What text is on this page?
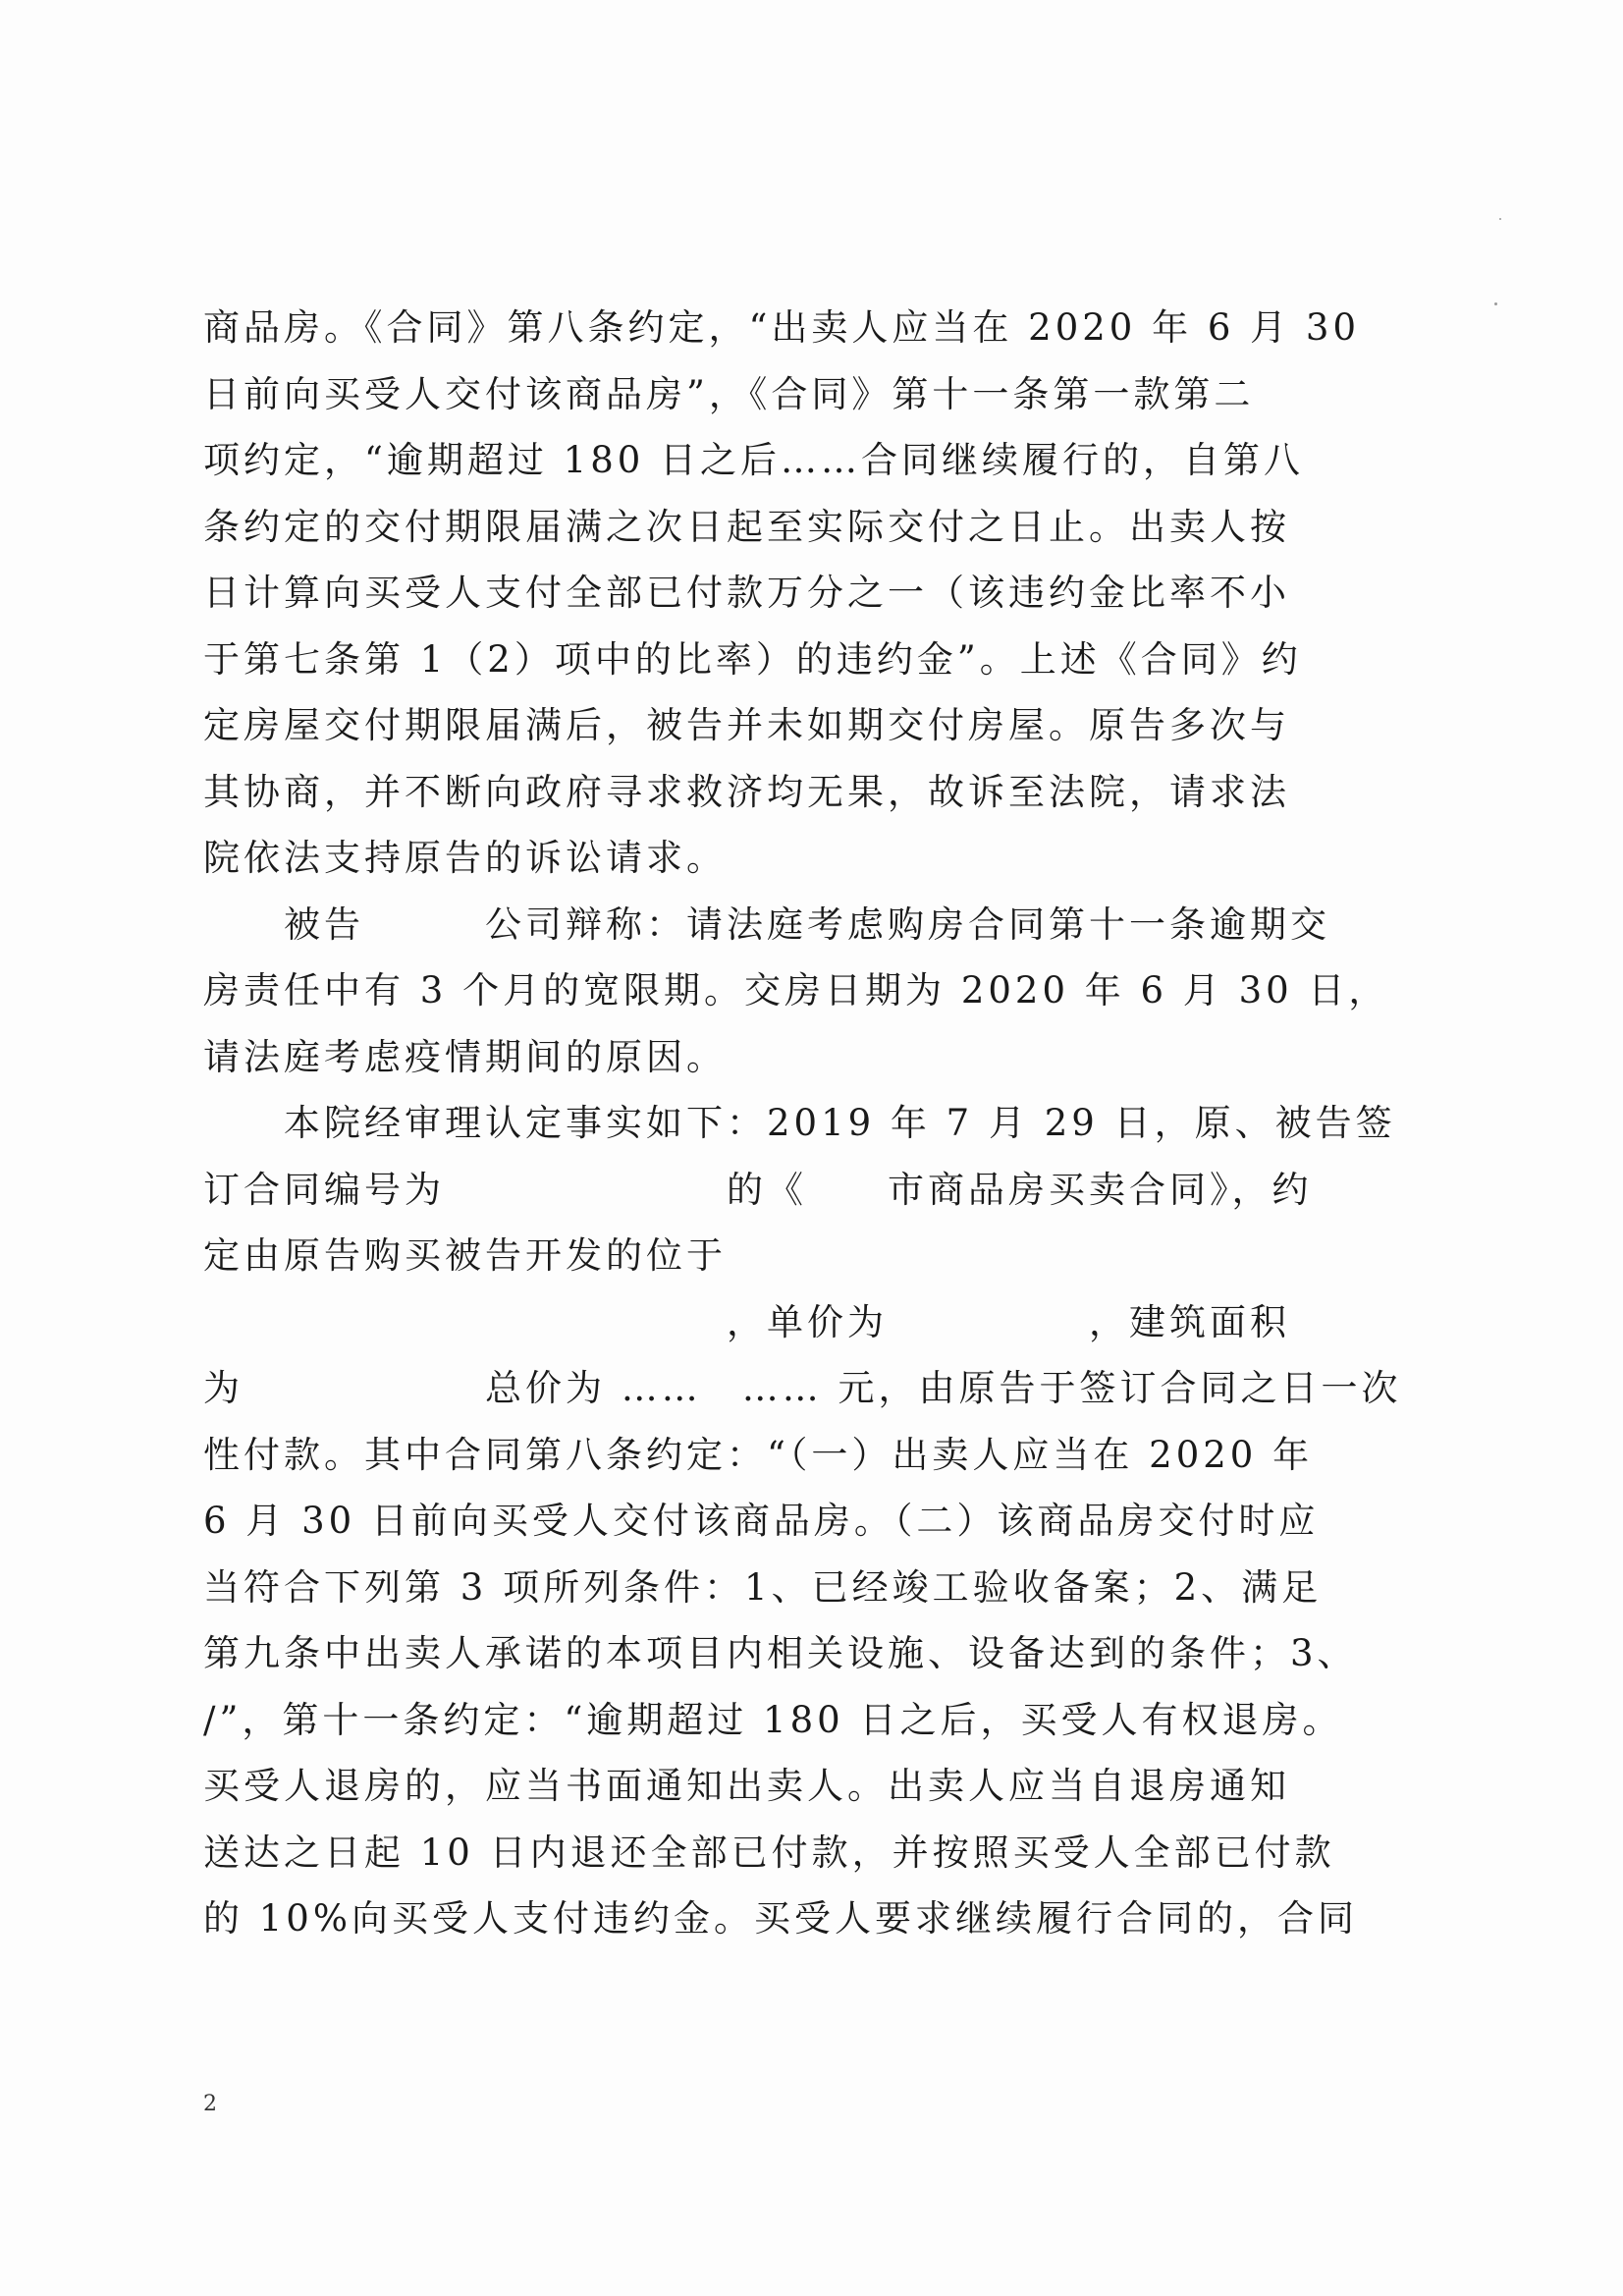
商品房。《合同》第八条约定，“出卖人应当在 2020 年 6 月 30
日前向买受人交付该商品房”，《合同》第十一条第一款第二
项约定，“逾期超过 180 日之后……合同继续履行的，自第八
条约定的交付期限届满之次日起至实际交付之日止。出卖人按
日计算向买受人支付全部已付款万分之一（该违约金比率不小
于第七条第 1（2）项中的比率）的违约金”。上述《合同》约
定房屋交付期限届满后，被告并未如期交付房屋。原告多次与
其协商，并不断向政府寻求救济均无果，故诉至法院，请求法
院依法支持原告的诉讼请求。
　　被告　　　公司辩称：请法庭考虑购房合同第十一条逾期交
房责任中有 3 个月的宽限期。交房日期为 2020 年 6 月 30 日，
请法庭考虑疫情期间的原因。
　　本院经审理认定事实如下：2019 年 7 月 29 日，原、被告签
订合同编号为　　　　　　　的《　　市商品房买卖合同》，约
定由原告购买被告开发的位于
　　　　　　　　　　　　　，单价为　　　　　，建筑面积
为　　　　　　总价为 ……　…… 元，由原告于签订合同之日一次
性付款。其中合同第八条约定：“（一）出卖人应当在 2020 年
6 月 30 日前向买受人交付该商品房。（二）该商品房交付时应
当符合下列第 3 项所列条件：1、已经竣工验收备案；2、满足
第九条中出卖人承诺的本项目内相关设施、设备达到的条件；3、
/”，第十一条约定：“逾期超过 180 日之后，买受人有权退房。
买受人退房的，应当书面通知出卖人。出卖人应当自退房通知
送达之日起 10 日内退还全部已付款，并按照买受人全部已付款
的 10%向买受人支付违约金。买受人要求继续履行合同的，合同
2
